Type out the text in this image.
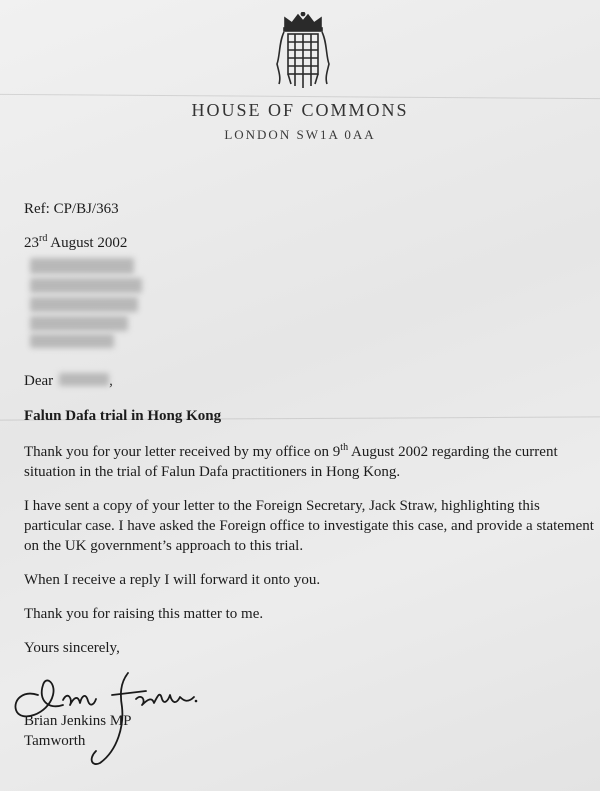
HOUSE OF COMMONS
LONDON SW1A 0AA
Ref: CP/BJ/363
23rd August 2002
Dear	,
Falun Dafa trial in Hong Kong
Thank you for your letter received by my office on 9th August 2002 regarding the current situation in the trial of Falun Dafa practitioners in Hong Kong.
I have sent a copy of your letter to the Foreign Secretary, Jack Straw, highlighting this particular case. I have asked the Foreign office to investigate this case, and provide a statement on the UK government’s approach to this trial.
When I receive a reply I will forward it onto you.
Thank you for raising this matter to me.
Yours sincerely,
Brian Jenkins MP
Tamworth
